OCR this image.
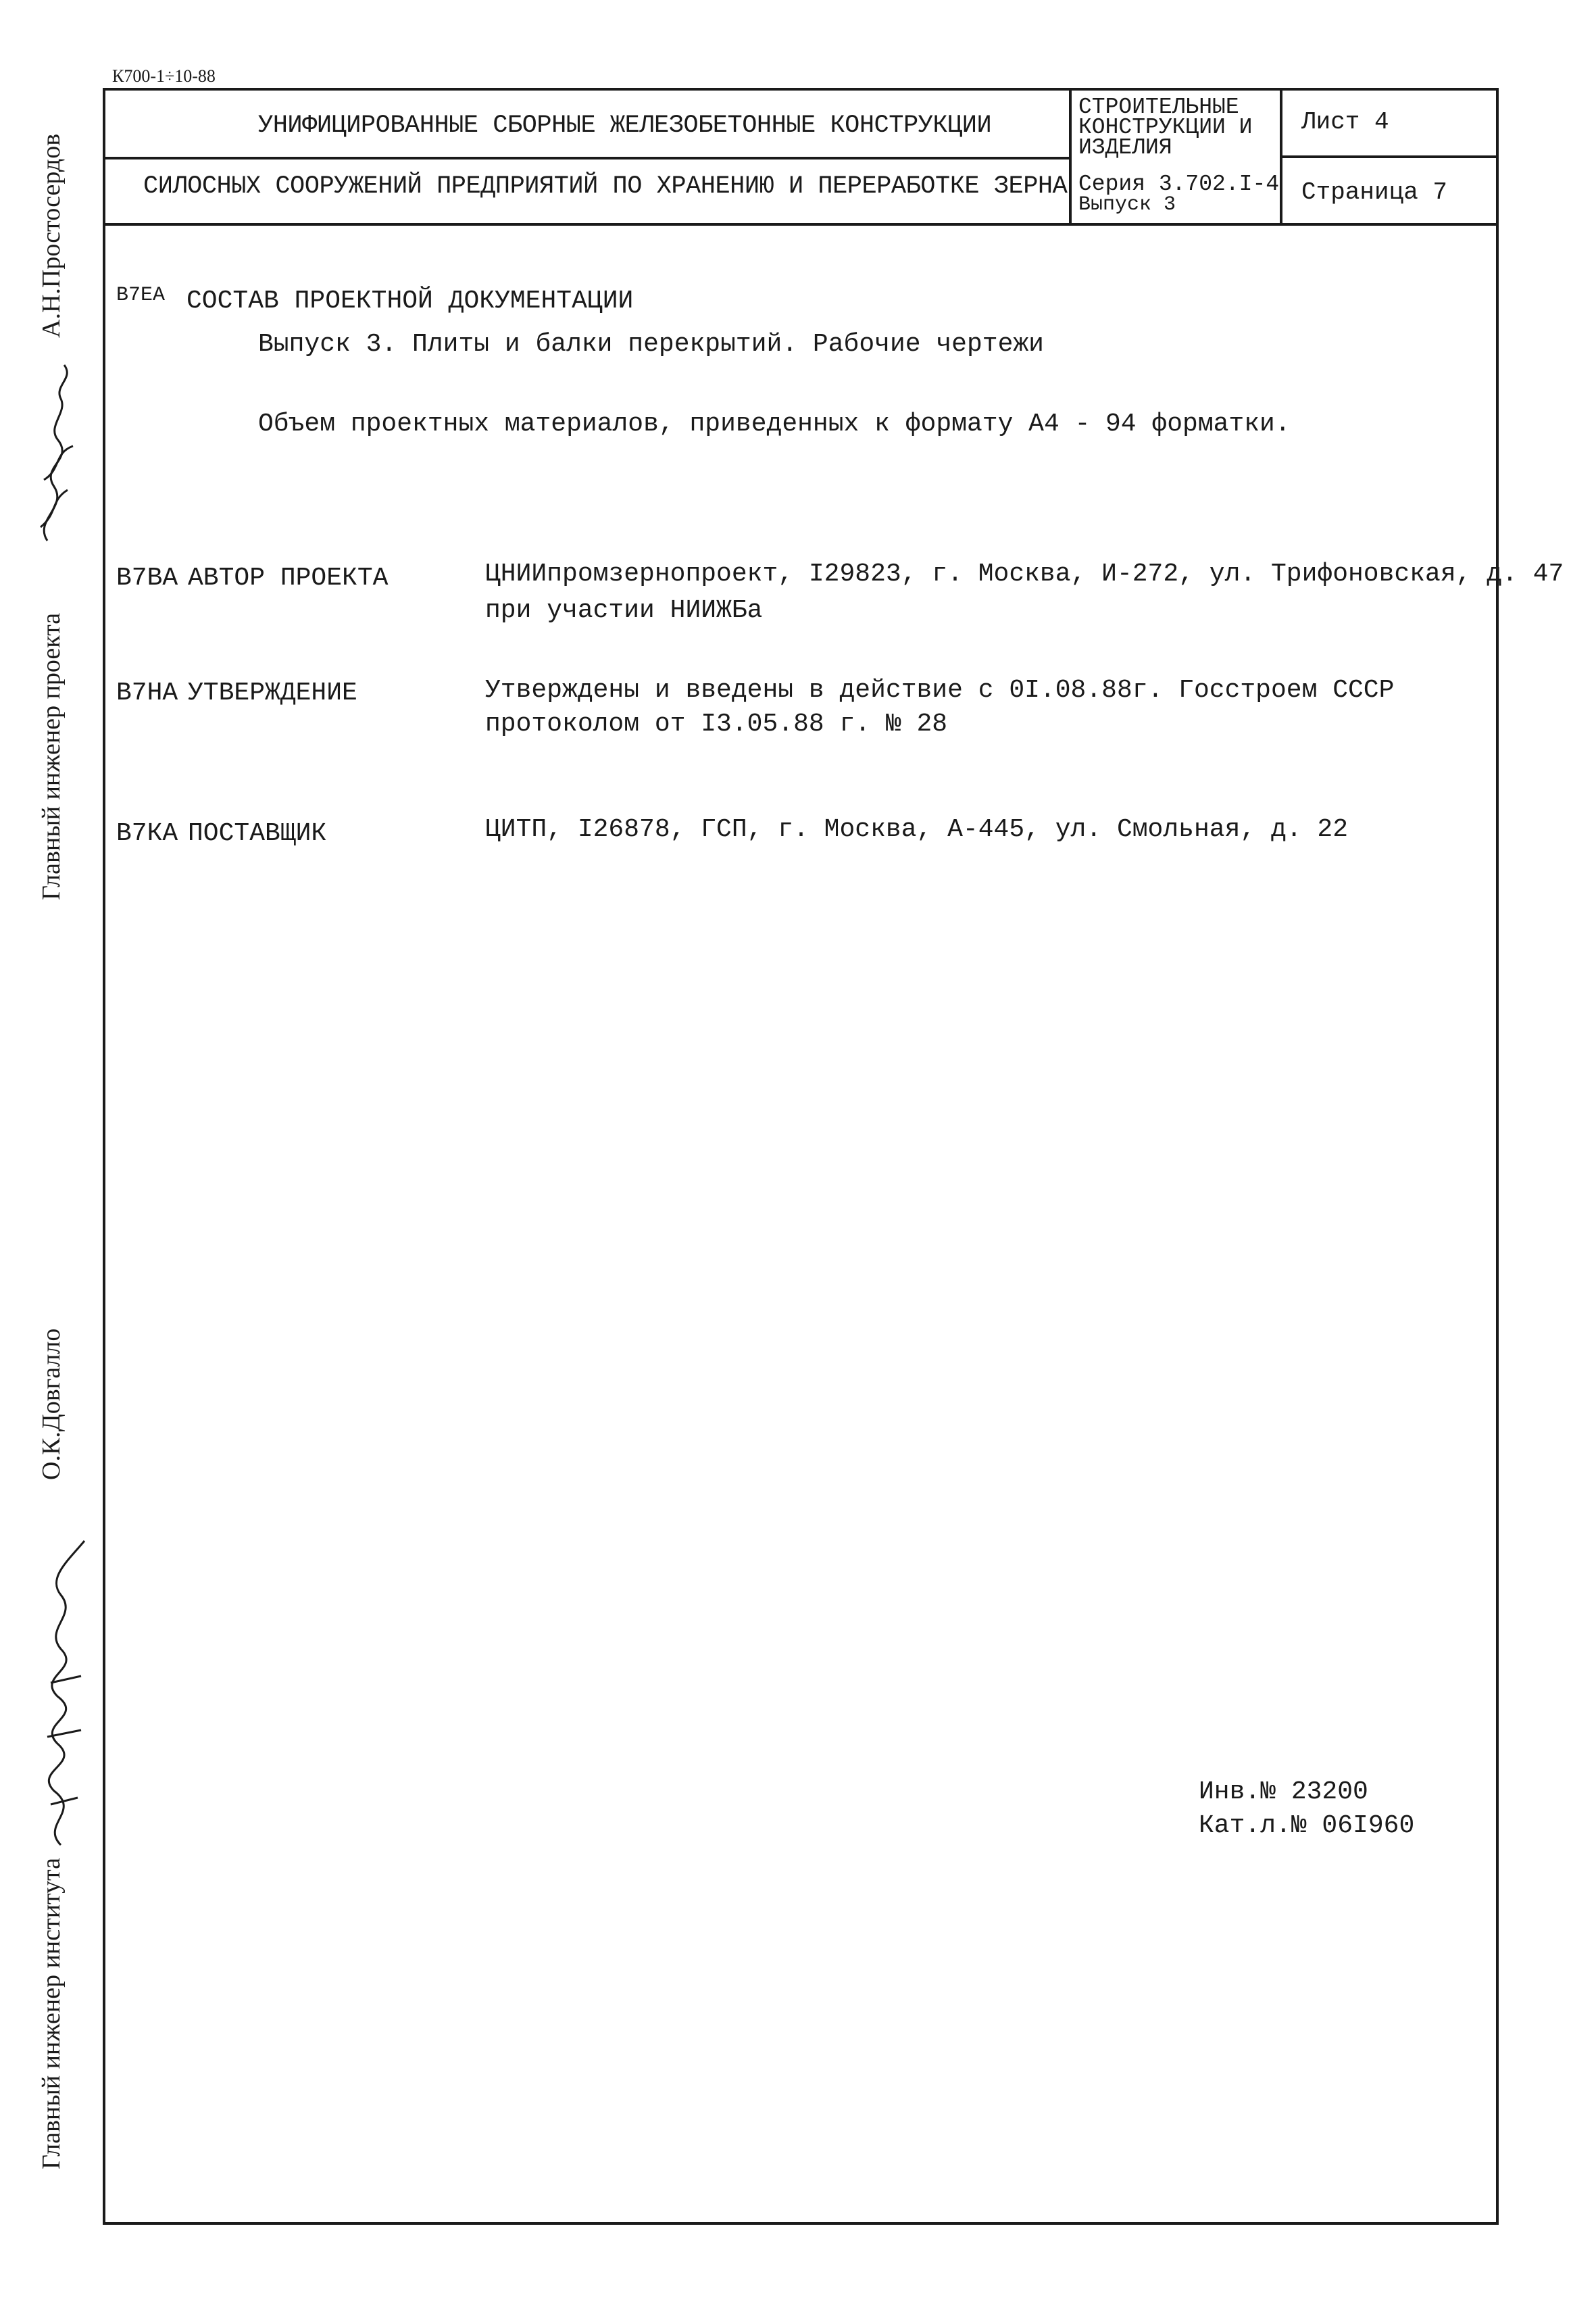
К700-1÷10-88
УНИФИЦИРОВАННЫЕ СБОРНЫЕ ЖЕЛЕЗОБЕТОННЫЕ КОНСТРУКЦИИ
СИЛОСНЫХ СООРУЖЕНИЙ ПРЕДПРИЯТИЙ ПО ХРАНЕНИЮ И ПЕРЕРАБОТКЕ ЗЕРНА
СТРОИТЕЛЬНЫЕ
КОНСТРУКЦИИ И
ИЗДЕЛИЯ
Серия 3.702.I-4
Выпуск 3
Лист 4
Страница 7
В7ЕА СОСТАВ ПРОЕКТНОЙ ДОКУМЕНТАЦИИ
Выпуск 3. Плиты и балки перекрытий. Рабочие чертежи
Объем проектных материалов, приведенных к формату А4 - 94 форматки.
В7ВА АВТОР ПРОЕКТА	ЦНИИпромзернопроект, I29823, г. Москва, И-272, ул. Трифоновская, д. 47
при участии НИИЖБа
В7НА УТВЕРЖДЕНИЕ	Утверждены и введены в действие с 0I.08.88г. Госстроем СССР
протоколом от I3.05.88 г. № 28
В7КА ПОСТАВЩИК	ЦИТП, I26878, ГСП, г. Москва, А-445, ул. Смольная, д. 22
Инв.№ 23200
Кат.л.№ 06I960
А.Н.Простосердов
Главный инженер проекта
О.К.Довгалло
Главный инженер института
